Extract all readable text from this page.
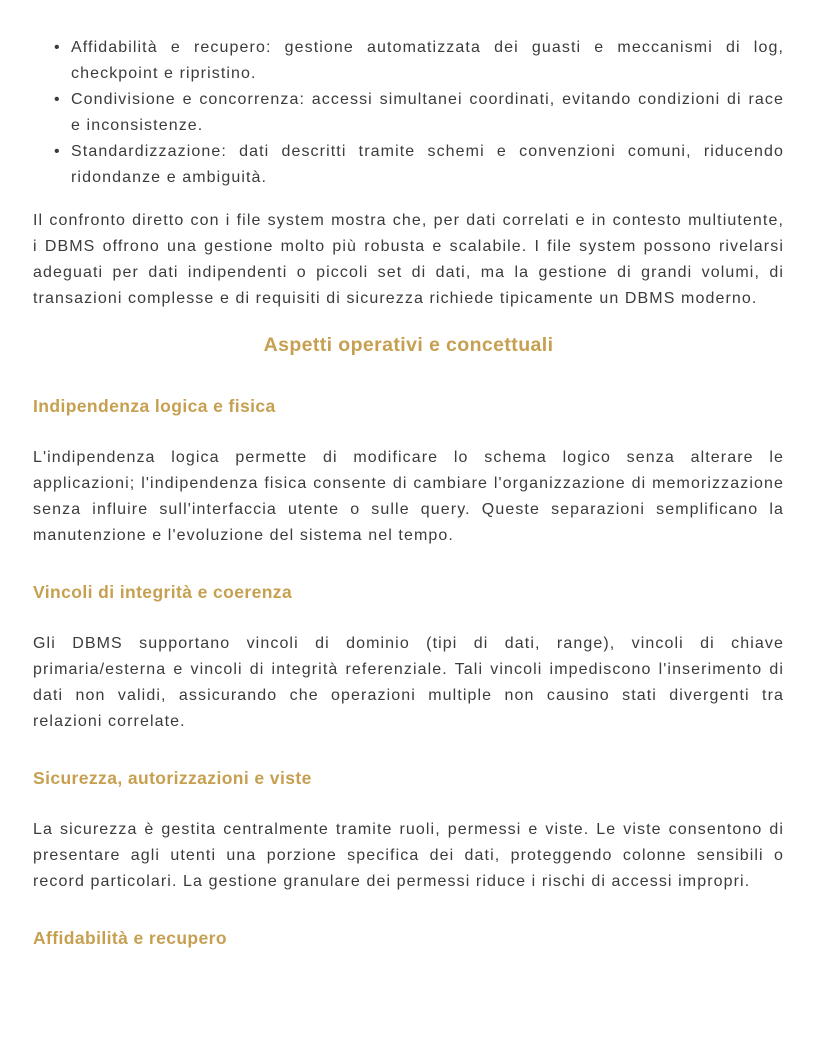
• Affidabilità e recupero: gestione automatizzata dei guasti e meccanismi di log, checkpoint e ripristino.
• Condivisione e concorrenza: accessi simultanei coordinati, evitando condizioni di race e inconsistenze.
• Standardizzazione: dati descritti tramite schemi e convenzioni comuni, riducendo ridondanze e ambiguità.

Il confronto diretto con i file system mostra che, per dati correlati e in contesto multiutente, i DBMS offrono una gestione molto più robusta e scalabile. I file system possono rivelarsi adeguati per dati indipendenti o piccoli set di dati, ma la gestione di grandi volumi, di transazioni complesse e di requisiti di sicurezza richiede tipicamente un DBMS moderno.

Aspetti operativi e concettuali
Indipendenza logica e fisica

L'indipendenza logica permette di modificare lo schema logico senza alterare le applicazioni; l'indipendenza fisica consente di cambiare l'organizzazione di memorizzazione senza influire sull'interfaccia utente o sulle query. Queste separazioni semplificano la manutenzione e l'evoluzione del sistema nel tempo.

Vincoli di integrità e coerenza

Gli DBMS supportano vincoli di dominio (tipi di dati, range), vincoli di chiave primaria/esterna e vincoli di integrità referenziale. Tali vincoli impediscono l'inserimento di dati non validi, assicurando che operazioni multiple non causino stati divergenti tra relazioni correlate.

Sicurezza, autorizzazioni e viste

La sicurezza è gestita centralmente tramite ruoli, permessi e viste. Le viste consentono di presentare agli utenti una porzione specifica dei dati, proteggendo colonne sensibili o record particolari. La gestione granulare dei permessi riduce i rischi di accessi impropri.

Affidabilità e recupero
